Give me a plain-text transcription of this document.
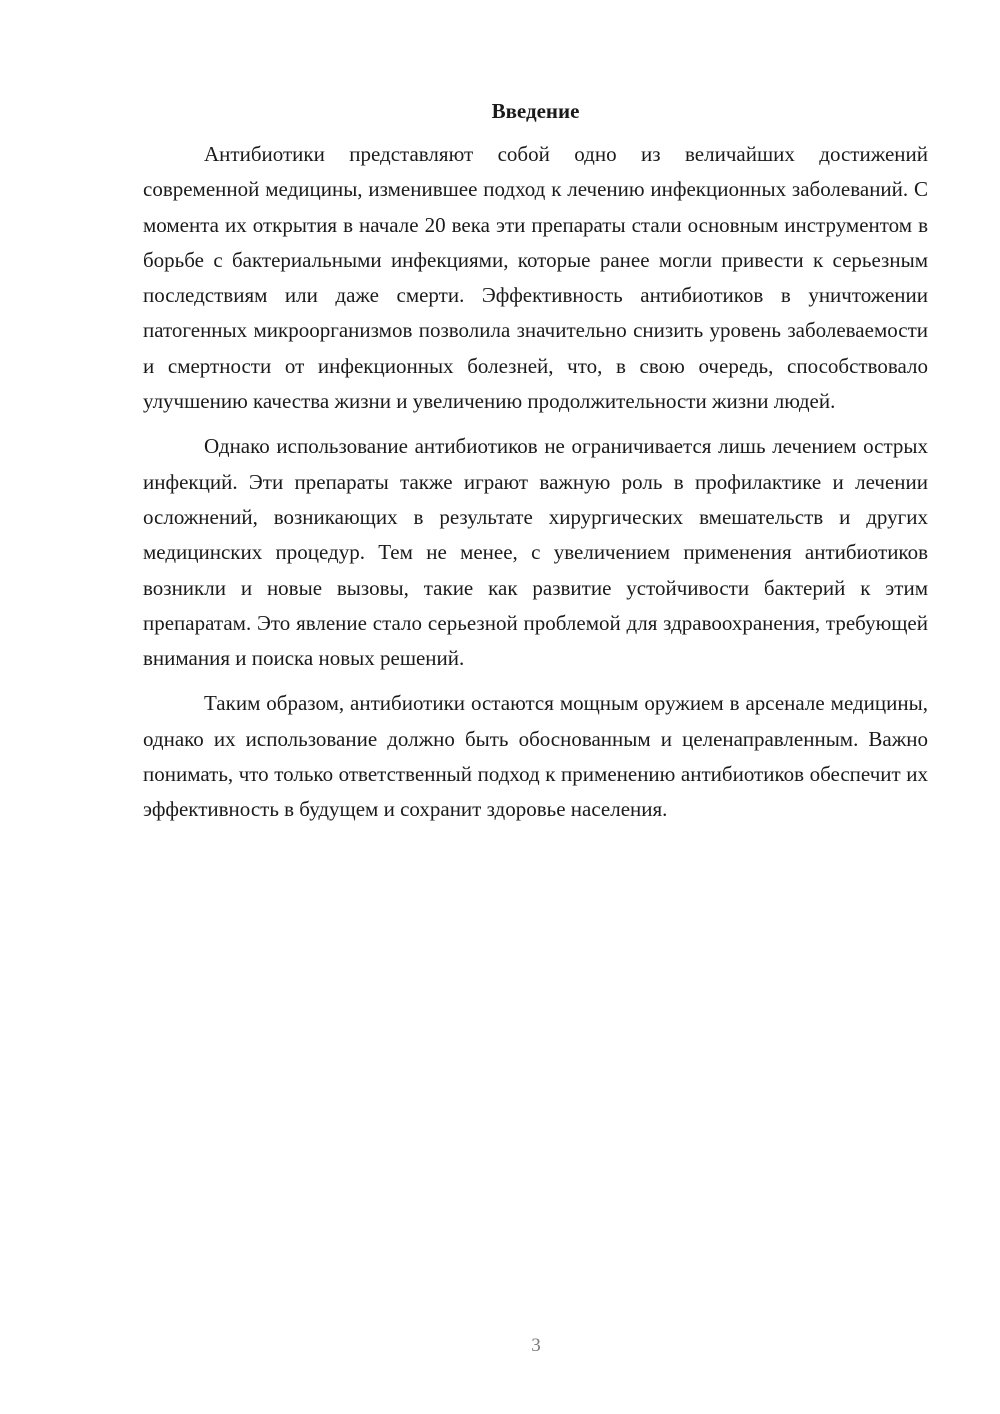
Введение

Антибиотики представляют собой одно из величайших достижений современной медицины, изменившее подход к лечению инфекционных заболеваний. С момента их открытия в начале 20 века эти препараты стали основным инструментом в борьбе с бактериальными инфекциями, которые ранее могли привести к серьезным последствиям или даже смерти. Эффективность антибиотиков в уничтожении патогенных микроорганизмов позволила значительно снизить уровень заболеваемости и смертности от инфекционных болезней, что, в свою очередь, способствовало улучшению качества жизни и увеличению продолжительности жизни людей.

Однако использование антибиотиков не ограничивается лишь лечением острых инфекций. Эти препараты также играют важную роль в профилактике и лечении осложнений, возникающих в результате хирургических вмешательств и других медицинских процедур. Тем не менее, с увеличением применения антибиотиков возникли и новые вызовы, такие как развитие устойчивости бактерий к этим препаратам. Это явление стало серьезной проблемой для здравоохранения, требующей внимания и поиска новых решений.

Таким образом, антибиотики остаются мощным оружием в арсенале медицины, однако их использование должно быть обоснованным и целенаправленным. Важно понимать, что только ответственный подход к применению антибиотиков обеспечит их эффективность в будущем и сохранит здоровье населения.

3
